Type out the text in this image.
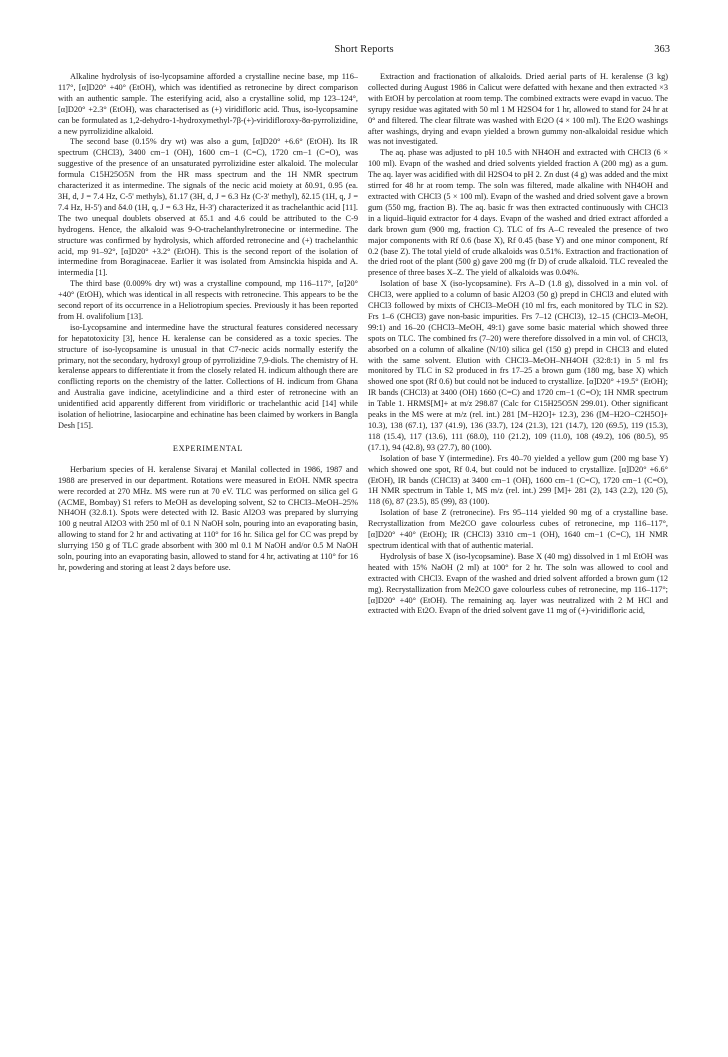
Short Reports	363

Alkaline hydrolysis of iso-lycopsamine afforded a crystalline necine base, mp 116–117°, [α]D20° +40° (EtOH), which was identified as retronecine by direct comparison with an authentic sample. The esterifying acid, also a crystalline solid, mp 123–124°, [α]D20° +2.3° (EtOH), was characterised as (+) viridifloric acid. Thus, iso-lycopsamine can be formulated as 1,2-dehydro-1-hydroxymethyl-7β-(+)-viridifloroxy-8α-pyrrolizidine, a new pyrrolizidine alkaloid.

The second base (0.15% dry wt) was also a gum, [α]D20° +6.6° (EtOH). Its IR spectrum (CHCl3), 3400 cm−1 (OH), 1600 cm−1 (C=C), 1720 cm−1 (C=O), was suggestive of the presence of an unsaturated pyrrolizidine ester alkaloid. The molecular formula C15H25O5N from the HR mass spectrum and the 1H NMR spectrum characterized it as intermedine. The signals of the necic acid moiety at δ0.91, 0.95 (ea. 3H, d, J = 7.4 Hz, C-5' methyls), δ1.17 (3H, d, J = 6.3 Hz (C-3' methyl), δ2.15 (1H, q, J = 7.4 Hz, H-5') and δ4.0 (1H, q, J = 6.3 Hz, H-3') characterized it as trachelanthic acid [11]. The two unequal doublets observed at δ5.1 and 4.6 could be attributed to the C-9 hydrogens. Hence, the alkaloid was 9-O-trachelanthylretronecine or intermedine. The structure was confirmed by hydrolysis, which afforded retronecine and (+) trachelanthic acid, mp 91–92°, [α]D20° +3.2° (EtOH). This is the second report of the isolation of intermedine from Boraginaceae. Earlier it was isolated from Amsinckia hispida and A. intermedia [1].

The third base (0.009% dry wt) was a crystalline compound, mp 116–117°, [α]20° +40° (EtOH), which was identical in all respects with retronecine. This appears to be the second report of its occurrence in a Heliotropium species. Previously it has been reported from H. ovalifolium [13].

iso-Lycopsamine and intermedine have the structural features considered necessary for hepatotoxicity [3], hence H. keralense can be considered as a toxic species. The structure of iso-lycopsamine is unusual in that C7-necic acids normally esterify the primary, not the secondary, hydroxyl group of pyrrolizidine 7,9-diols. The chemistry of H. keralense appears to differentiate it from the closely related H. indicum although there are conflicting reports on the chemistry of the latter. Collections of H. indicum from Ghana and Australia gave indicine, acetylindicine and a third ester of retronecine with an unidentified acid apparently different from viridifloric or trachelanthic acid [14] while isolation of heliotrine, lasiocarpine and echinatine has been claimed by workers in Bangla Desh [15].

EXPERIMENTAL

Herbarium species of H. keralense Sivaraj et Manilal collected in 1986, 1987 and 1988 are preserved in our department. Rotations were measured in EtOH. NMR spectra were recorded at 270 MHz. MS were run at 70 eV. TLC was performed on silica gel G (ACME, Bombay) S1 refers to MeOH as developing solvent, S2 to CHCl3–MeOH–25% NH4OH (32.8.1). Spots were detected with I2. Basic Al2O3 was prepared by slurrying 100 g neutral Al2O3 with 250 ml of 0.1 N NaOH soln, pouring into an evaporating basin, allowing to stand for 2 hr and activating at 110° for 16 hr. Silica gel for CC was prepd by slurrying 150 g of TLC grade absorbent with 300 ml 0.1 M NaOH and/or 0.5 M NaOH soln, pouring into an evaporating basin, allowed to stand for 4 hr, activating at 110° for 16 hr, powdering and storing at least 2 days before use.

Extraction and fractionation of alkaloids. Dried aerial parts of H. keralense (3 kg) collected during August 1986 in Calicut were defatted with hexane and then extracted ×3 with EtOH by percolation at room temp. The combined extracts were evapd in vacuo. The syrupy residue was agitated with 50 ml 1 M H2SO4 for 1 hr, allowed to stand for 24 hr at 0° and filtered. The clear filtrate was washed with Et2O (4 × 100 ml). The Et2O washings after washings, drying and evapn yielded a brown gummy non-alkaloidal residue which was not investigated.

The aq. phase was adjusted to pH 10.5 with NH4OH and extracted with CHCl3 (6 × 100 ml). Evapn of the washed and dried solvents yielded fraction A (200 mg) as a gum. The aq. layer was acidified with dil H2SO4 to pH 2. Zn dust (4 g) was added and the mixt stirred for 48 hr at room temp. The soln was filtered, made alkaline with NH4OH and extracted with CHCl3 (5 × 100 ml). Evapn of the washed and dried solvent gave a brown gum (550 mg, fraction B). The aq. basic fr was then extracted continuously with CHCl3 in a liquid–liquid extractor for 4 days. Evapn of the washed and dried extract afforded a dark brown gum (900 mg, fraction C). TLC of frs A–C revealed the presence of two major components with Rf 0.6 (base X), Rf 0.45 (base Y) and one minor component, Rf 0.2 (base Z). The total yield of crude alkaloids was 0.51%. Extraction and fractionation of the dried root of the plant (500 g) gave 200 mg (fr D) of crude alkaloid. TLC revealed the presence of three bases X–Z. The yield of alkaloids was 0.04%.

Isolation of base X (iso-lycopsamine). Frs A–D (1.8 g), dissolved in a min vol. of CHCl3, were applied to a column of basic Al2O3 (50 g) prepd in CHCl3 and eluted with CHCl3 followed by mixts of CHCl3–MeOH (10 ml frs, each monitored by TLC in S2). Frs 1–6 (CHCl3) gave non-basic impurities. Frs 7–12 (CHCl3), 12–15 (CHCl3–MeOH, 99:1) and 16–20 (CHCl3–MeOH, 49:1) gave some basic material which showed three spots on TLC. The combined frs (7–20) were therefore dissolved in a min vol. of CHCl3, absorbed on a column of alkaline (N/10) silica gel (150 g) prepd in CHCl3 and eluted with the same solvent. Elution with CHCl3–MeOH–NH4OH (32:8:1) in 5 ml frs monitored by TLC in S2 produced in frs 17–25 a brown gum (180 mg, base X) which showed one spot (Rf 0.6) but could not be induced to crystallize. [α]D20° +19.5° (EtOH); IR bands (CHCl3) at 3400 (OH) 1660 (C=C) and 1720 cm−1 (C=O); 1H NMR spectrum in Table 1. HRMS[M]+ at m/z 298.87 (Calc for C15H25O5N 299.01). Other significant peaks in the MS were at m/z (rel. int.) 281 [M−H2O]+ 12.3), 236 ([M−H2O−C2H5O]+ 10.3), 138 (67.1), 137 (41.9), 136 (33.7), 124 (21.3), 121 (14.7), 120 (69.5), 119 (15.3), 118 (15.4), 117 (13.6), 111 (68.0), 110 (21.2), 109 (11.0), 108 (49.2), 106 (80.5), 95 (17.1), 94 (42.8), 93 (27.7), 80 (100).

Isolation of base Y (intermedine). Frs 40–70 yielded a yellow gum (200 mg base Y) which showed one spot, Rf 0.4, but could not be induced to crystallize. [α]D20° +6.6° (EtOH), IR bands (CHCl3) at 3400 cm−1 (OH), 1600 cm−1 (C=C), 1720 cm−1 (C=O), 1H NMR spectrum in Table 1, MS m/z (rel. int.) 299 [M]+ 281 (2), 143 (2.2), 120 (5), 118 (6), 87 (23.5), 85 (99), 83 (100).

Isolation of base Z (retronecine). Frs 95–114 yielded 90 mg of a crystalline base. Recrystallization from Me2CO gave colourless cubes of retronecine, mp 116–117°, [α]D20° +40° (EtOH); IR (CHCl3) 3310 cm−1 (OH), 1640 cm−1 (C=C), 1H NMR spectrum identical with that of authentic material.

Hydrolysis of base X (iso-lycopsamine). Base X (40 mg) dissolved in 1 ml EtOH was heated with 15% NaOH (2 ml) at 100° for 2 hr. The soln was allowed to cool and extracted with CHCl3. Evapn of the washed and dried solvent afforded a brown gum (12 mg). Recrystallization from Me2CO gave colourless cubes of retronecine, mp 116–117°; [α]D20° +40° (EtOH). The remaining aq. layer was neutralized with 2 M HCl and extracted with Et2O. Evapn of the dried solvent gave 11 mg of (+)-viridifloric acid,
